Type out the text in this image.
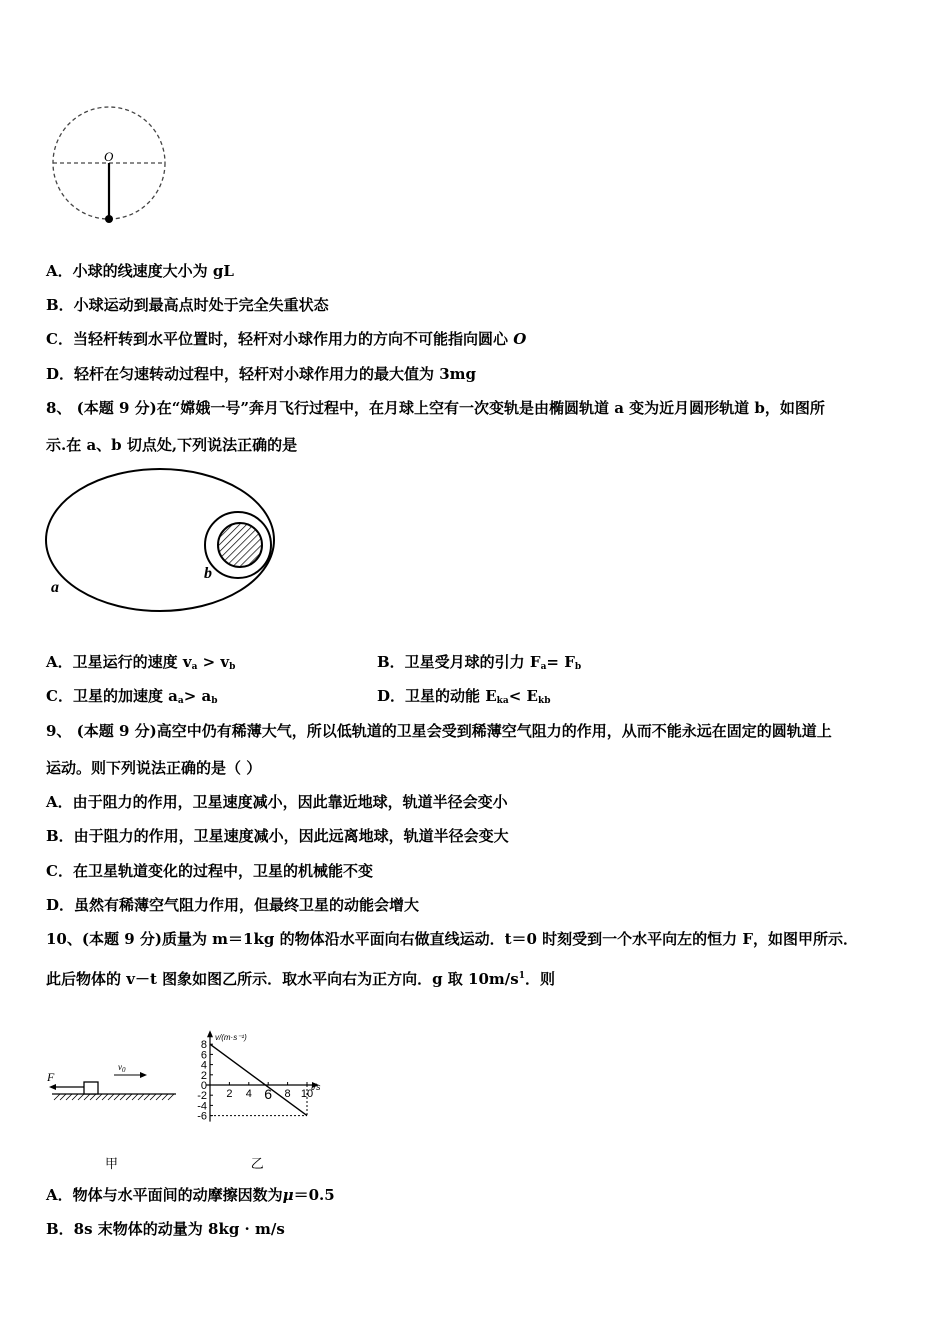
O
A．小球的线速度大小为 gL
B．小球运动到最高点时处于完全失重状态
C．当轻杆转到水平位置时，轻杆对小球作用力的方向不可能指向圆心 O
D．轻杆在匀速转动过程中，轻杆对小球作用力的最大值为 3mg
8、 (本题 9 分)在“嫦娥一号”奔月飞行过程中，在月球上空有一次变轨是由椭圆轨道 a 变为近月圆形轨道 b，如图所
示.在 a、b 切点处,下列说法正确的是
b
a
A．卫星运行的速度 $v_a > v_b$	B．卫星受月球的引力 $F_a= F_b$
C．卫星的加速度 $a_a> a_b$	D．卫星的动能 $E_{ka}< E_{kb}$
9、 (本题 9 分)高空中仍有稀薄大气，所以低轨道的卫星会受到稀薄空气阻力的作用，从而不能永远在固定的圆轨道上
运动。则下列说法正确的是（ ）
A．由于阻力的作用，卫星速度减小，因此靠近地球，轨道半径会变小
B．由于阻力的作用，卫星速度减小，因此远离地球，轨道半径会变大
C．在卫星轨道变化的过程中，卫星的机械能不变
D．虽然有稀薄空气阻力作用，但最终卫星的动能会增大
10、(本题 9 分)质量为 m＝1kg 的物体沿水平面向右做直线运动．t＝0 时刻受到一个水平向左的恒力 F，如图甲所示．
此后物体的 v－t 图象如图乙所示．取水平向右为正方向．g 取 $10m/s^1$．则
F
$v_0$
甲
v/(m·s⁻¹)
t/s
8
6
4
2
0
-2
-4
-6
2 4 6 8 10
乙
A．物体与水平面间的动摩擦因数为μ＝0.5
B．8s 末物体的动量为 8kg · m/s
